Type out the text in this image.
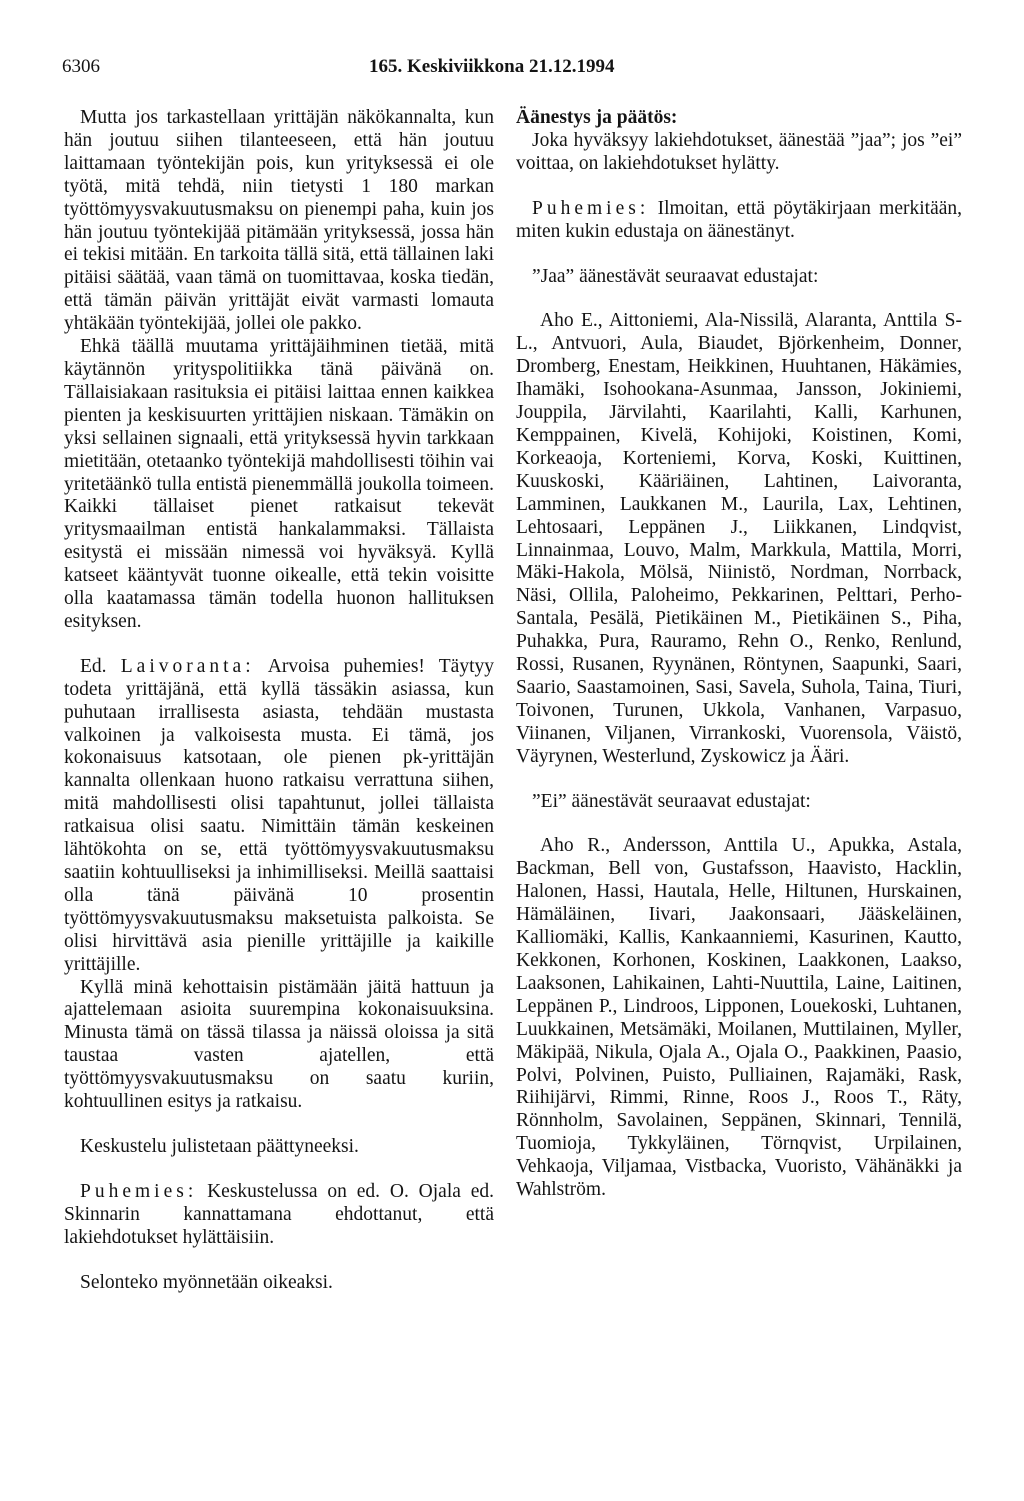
6306	165. Keskiviikkona 21.12.1994

Mutta jos tarkastellaan yrittäjän näkökannalta, kun hän joutuu siihen tilanteeseen, että hän joutuu laittamaan työntekijän pois, kun yrityksessä ei ole työtä, mitä tehdä, niin tietysti 1 180 markan työttömyysvakuutusmaksu on pienempi paha, kuin jos hän joutuu työntekijää pitämään yrityksessä, jossa hän ei tekisi mitään. En tarkoita tällä sitä, että tällainen laki pitäisi säätää, vaan tämä on tuomittavaa, koska tiedän, että tämän päivän yrittäjät eivät varmasti lomauta yhtäkään työntekijää, jollei ole pakko.

Ehkä täällä muutama yrittäjäihminen tietää, mitä käytännön yrityspolitiikka tänä päivänä on. Tällaisiakaan rasituksia ei pitäisi laittaa ennen kaikkea pienten ja keskisuurten yrittäjien niskaan. Tämäkin on yksi sellainen signaali, että yrityksessä hyvin tarkkaan mietitään, otetaanko työntekijä mahdollisesti töihin vai yritetäänkö tulla entistä pienemmällä joukolla toimeen. Kaikki tällaiset pienet ratkaisut tekevät yritysmaailman entistä hankalammaksi. Tällaista esitystä ei missään nimessä voi hyväksyä. Kyllä katseet kääntyvät tuonne oikealle, että tekin voisitte olla kaatamassa tämän todella huonon hallituksen esityksen.

Ed. Laivoranta: Arvoisa puhemies! Täytyy todeta yrittäjänä, että kyllä tässäkin asiassa, kun puhutaan irrallisesta asiasta, tehdään mustasta valkoinen ja valkoisesta musta. Ei tämä, jos kokonaisuus katsotaan, ole pienen pk-yrittäjän kannalta ollenkaan huono ratkaisu verrattuna siihen, mitä mahdollisesti olisi tapahtunut, jollei tällaista ratkaisua olisi saatu. Nimittäin tämän keskeinen lähtökohta on se, että työttömyysvakuutusmaksu saatiin kohtuulliseksi ja inhimilliseksi. Meillä saattaisi olla tänä päivänä 10 prosentin työttömyysvakuutusmaksu maksetuista palkoista. Se olisi hirvittävä asia pienille yrittäjille ja kaikille yrittäjille.

Kyllä minä kehottaisin pistämään jäitä hattuun ja ajattelemaan asioita suurempina kokonaisuuksina. Minusta tämä on tässä tilassa ja näissä oloissa ja sitä taustaa vasten ajatellen, että työttömyysvakuutusmaksu on saatu kuriin, kohtuullinen esitys ja ratkaisu.

Keskustelu julistetaan päättyneeksi.

Puhemies: Keskustelussa on ed. O. Ojala ed. Skinnarin kannattamana ehdottanut, että lakiehdotukset hylättäisiin.

Selonteko myönnetään oikeaksi.

Äänestys ja päätös:

Joka hyväksyy lakiehdotukset, äänestää ”jaa”; jos ”ei” voittaa, on lakiehdotukset hylätty.

Puhemies: Ilmoitan, että pöytäkirjaan merkitään, miten kukin edustaja on äänestänyt.

”Jaa” äänestävät seuraavat edustajat:

Aho E., Aittoniemi, Ala-Nissilä, Alaranta, Anttila S-L., Antvuori, Aula, Biaudet, Björkenheim, Donner, Dromberg, Enestam, Heikkinen, Huuhtanen, Häkämies, Ihamäki, Isohookana-Asunmaa, Jansson, Jokiniemi, Jouppila, Järvilahti, Kaarilahti, Kalli, Karhunen, Kemppainen, Kivelä, Kohijoki, Koistinen, Komi, Korkeaoja, Korteniemi, Korva, Koski, Kuittinen, Kuuskoski, Kääriäinen, Lahtinen, Laivoranta, Lamminen, Laukkanen M., Laurila, Lax, Lehtinen, Lehtosaari, Leppänen J., Liikkanen, Lindqvist, Linnainmaa, Louvo, Malm, Markkula, Mattila, Morri, Mäki-Hakola, Mölsä, Niinistö, Nordman, Norrback, Näsi, Ollila, Paloheimo, Pekkarinen, Pelttari, Perho-Santala, Pesälä, Pietikäinen M., Pietikäinen S., Piha, Puhakka, Pura, Rauramo, Rehn O., Renko, Renlund, Rossi, Rusanen, Ryynänen, Röntynen, Saapunki, Saari, Saario, Saastamoinen, Sasi, Savela, Suhola, Taina, Tiuri, Toivonen, Turunen, Ukkola, Vanhanen, Varpasuo, Viinanen, Viljanen, Virrankoski, Vuorensola, Väistö, Väyrynen, Westerlund, Zyskowicz ja Ääri.

”Ei” äänestävät seuraavat edustajat:

Aho R., Andersson, Anttila U., Apukka, Astala, Backman, Bell von, Gustafsson, Haavisto, Hacklin, Halonen, Hassi, Hautala, Helle, Hiltunen, Hurskainen, Hämäläinen, Iivari, Jaakonsaari, Jääskeläinen, Kalliomäki, Kallis, Kankaanniemi, Kasurinen, Kautto, Kekkonen, Korhonen, Koskinen, Laakkonen, Laakso, Laaksonen, Lahikainen, Lahti-Nuuttila, Laine, Laitinen, Leppänen P., Lindroos, Lipponen, Louekoski, Luhtanen, Luukkainen, Metsämäki, Moilanen, Muttilainen, Myller, Mäkipää, Nikula, Ojala A., Ojala O., Paakkinen, Paasio, Polvi, Polvinen, Puisto, Pulliainen, Rajamäki, Rask, Riihijärvi, Rimmi, Rinne, Roos J., Roos T., Räty, Rönnholm, Savolainen, Seppänen, Skinnari, Tennilä, Tuomioja, Tykkyläinen, Törnqvist, Urpilainen, Vehkaoja, Viljamaa, Vistbacka, Vuoristo, Vähänäkki ja Wahlström.
